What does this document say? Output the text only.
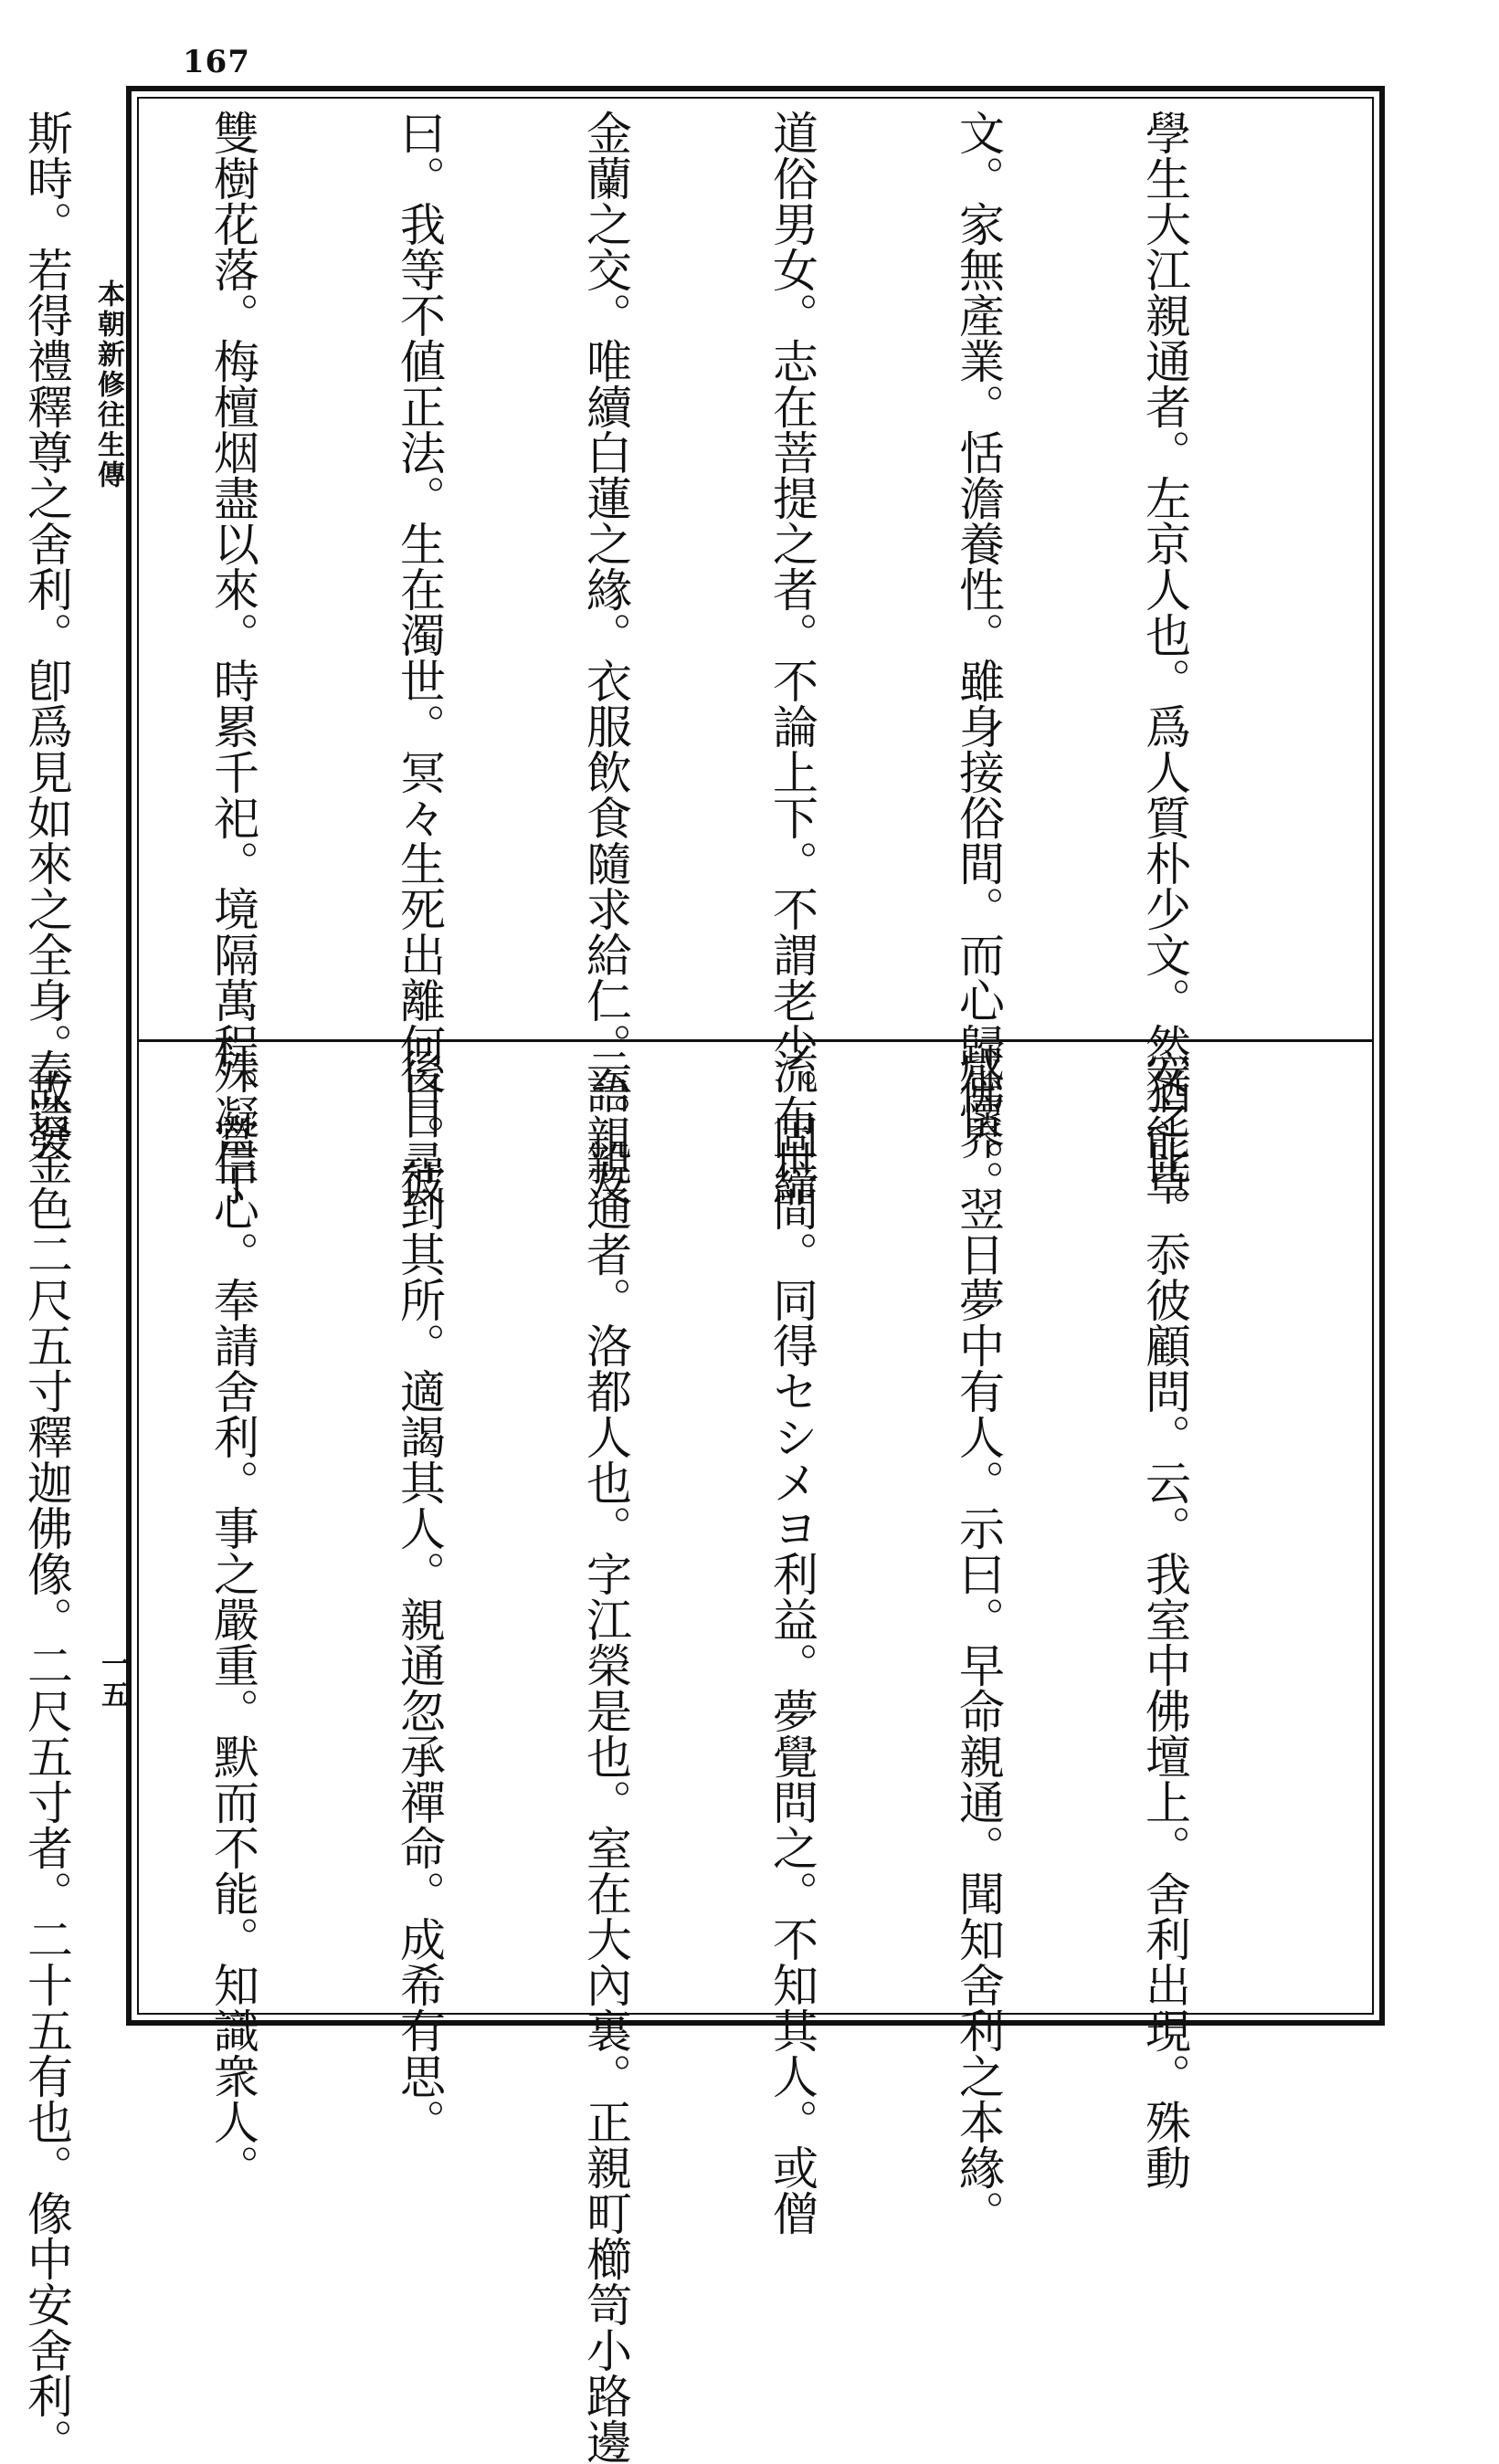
167
本朝新修往生傳
一五

學生大江親通者。左京人也。爲人質朴少文。然猶能草

文。家無產業。恬澹養性。雖身接俗間。而心歸佛界。

道俗男女。志在菩提之者。不論上下。不謂老少。固締

金蘭之交。唯續白蓮之緣。衣服飲食隨求給仁。語親友

曰。我等不値正法。生在濁世。冥々生死出離何日。彼

雙樹花落。梅檀烟盡以來。時累千祀。境隔萬程。當于

斯時。若得禮釋尊之舍利。卽爲見如來之全身。故發

安之比。忝彼顧問。云。我室中佛壇上。舍利出現。殊動

感懷。翌日夢中有人。示曰。早命親通。聞知舍利之本緣。

流布世間。同得セシメヨ利益。夢覺問之。不知其人。或僧

云。親通者。洛都人也。字江榮是也。室在大內裏。正親町櫛笥小路邊

後日尋到其所。適謁其人。親通忽承禪命。成希有思。

殊凝信心。奉請舍利。事之嚴重。默而不能。知識衆人。

奉造金色二尺五寸釋迦佛像。二尺五寸者。二十五有也。像中安舍利。
